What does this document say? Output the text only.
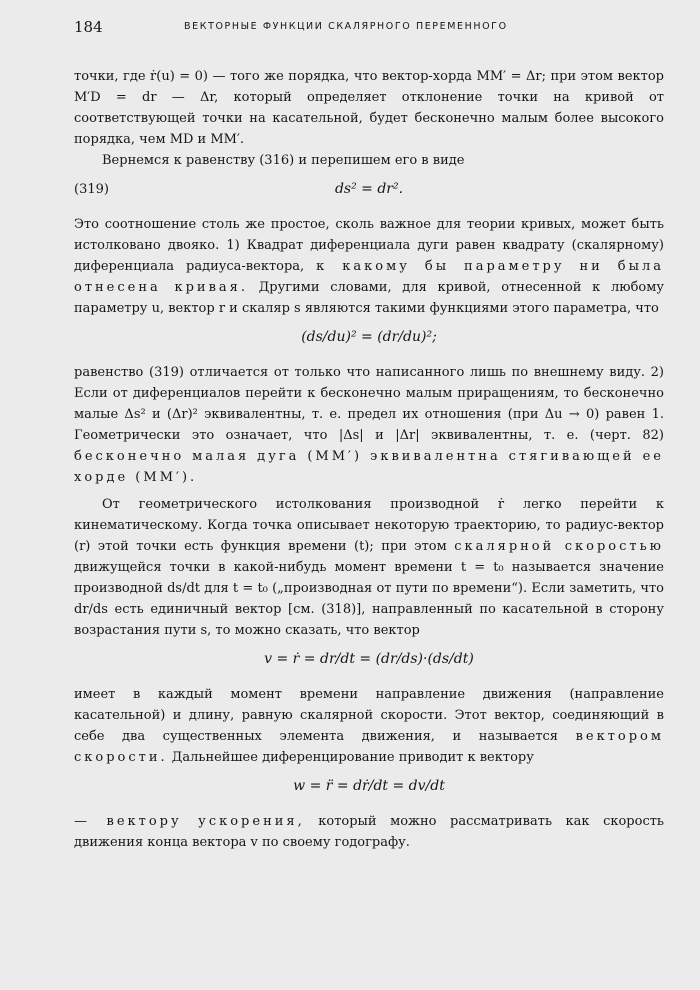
184	ВЕКТОРНЫЕ ФУНКЦИИ СКАЛЯРНОГО ПЕРЕМЕННОГО

точки, где ṙ(u) = 0) — того же порядка, что вектор-хорда MM′ = Δr; при этом вектор M′D = dr — Δr, который определяет отклонение точки на кривой от соответствующей точки на касательной, будет бесконечно малым более высокого порядка, чем MD и MM′.

Вернемся к равенству (316) и перепишем его в виде

(319)	ds² = dr².

Это соотношение столь же простое, сколь важное для теории кривых, может быть истолковано двояко. 1) Квадрат диференциала дуги равен квадрату (скалярному) диференциала радиуса-вектора, к какому бы параметру ни была отнесена кривая. Другими словами, для кривой, отнесенной к любому параметру u, вектор r и скаляр s являются такими функциями этого параметра, что

(ds/du)² = (dr/du)²;

равенство (319) отличается от только что написанного лишь по внешнему виду. 2) Если от диференциалов перейти к бесконечно малым приращениям, то бесконечно малые Δs² и (Δr)² эквивалентны, т. е. предел их отношения (при Δu → 0) равен 1. Геометрически это означает, что |Δs| и |Δr| эквивалентны, т. е. (черт. 82) бесконечно малая дуга (MM′) эквивалентна стягивающей ее хорде (MM′).

От геометрического истолкования производной ṙ легко перейти к кинематическому. Когда точка описывает некоторую траекторию, то радиус-вектор (r) этой точки есть функция времени (t); при этом скалярной скоростью движущейся точки в какой-нибудь момент времени t = t₀ называется значение производной ds/dt для t = t₀ („производная от пути по времени“). Если заметить, что dr/ds есть единичный вектор [см. (318)], направленный по касательной в сторону возрастания пути s, то можно сказать, что вектор

v = ṙ = dr/dt = (dr/ds)·(ds/dt)

имеет в каждый момент времени направление движения (направление касательной) и длину, равную скалярной скорости. Этот вектор, соединяющий в себе два существенных элемента движения, и называется вектором скорости. Дальнейшее диференцирование приводит к вектору

w = r̈ = dṙ/dt = dv/dt

— вектору ускорения, который можно рассматривать как скорость движения конца вектора v по своему годографу.
